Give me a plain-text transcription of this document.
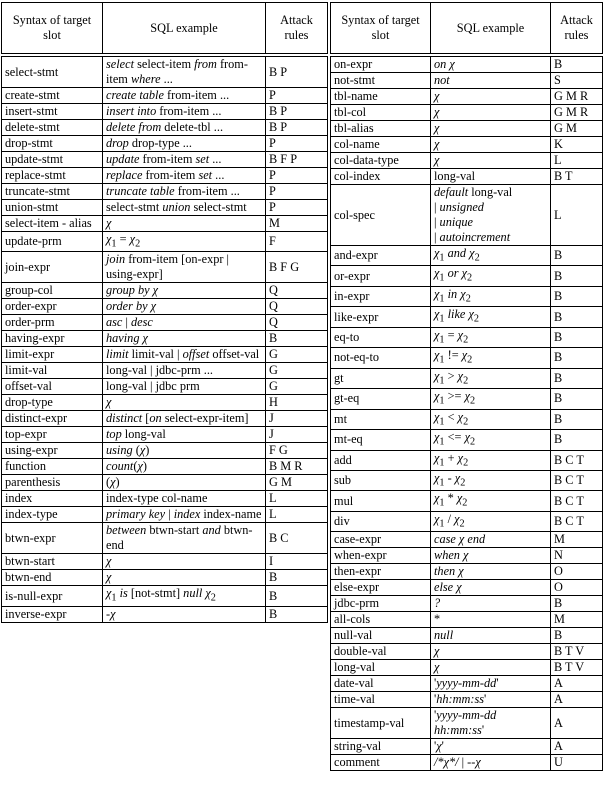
Syntax of target slot	SQL example	Attack rules

select-stmt	select select-item from from-item where ...	B P
create-stmt	create table from-item ...	P
insert-stmt	insert into from-item ...	B P
delete-stmt	delete from delete-tbl ...	B P
drop-stmt	drop drop-type ...	P
update-stmt	update from-item set ...	B F P
replace-stmt	replace from-item set ...	P
truncate-stmt	truncate table from-item ...	P
union-stmt	select-stmt union select-stmt	P
select-item - alias	χ	M
update-prm	$\chi_1 = \chi_2$	F
join-expr	join from-item [on-expr | using-expr]	B F G
group-col	group by χ	Q
order-expr	order by χ	Q
order-prm	asc | desc	Q
having-expr	having χ	B
limit-expr	limit limit-val | offset offset-val	G
limit-val	long-val | jdbc-prm ...	G
offset-val	long-val | jdbc prm	G
drop-type	χ	H
distinct-expr	distinct [on select-expr-item]	J
top-expr	top long-val	J
using-expr	using (χ)	F G
function	count(χ)	B M R
parenthesis	(χ)	G M
index	index-type col-name	L
index-type	primary key | index index-name	L
btwn-expr	between btwn-start and btwn-end	B C
btwn-start	χ	I
btwn-end	χ	B
is-null-expr	$\chi_1$ is [not-stmt] null $\chi_2$	B
inverse-expr	-χ	B
Syntax of target slot	SQL example	Attack rules

on-expr	on χ	B
not-stmt	not	S
tbl-name	χ	G M R
tbl-col	χ	G M R
tbl-alias	χ	G M
col-name	χ	K
col-data-type	χ	L
col-index	long-val	B T
col-spec	default long-val
| unsigned
| unique
| autoincrement	L
and-expr	$\chi_1$ and $\chi_2$	B
or-expr	$\chi_1$ or $\chi_2$	B
in-expr	$\chi_1$ in $\chi_2$	B
like-expr	$\chi_1$ like $\chi_2$	B
eq-to	$\chi_1 = \chi_2$	B
not-eq-to	$\chi_1$ != $\chi_2$	B
gt	$\chi_1 > \chi_2$	B
gt-eq	$\chi_1 >= \chi_2$	B
mt	$\chi_1 < \chi_2$	B
mt-eq	$\chi_1 <= \chi_2$	B
add	$\chi_1 + \chi_2$	B C T
sub	$\chi_1 - \chi_2$	B C T
mul	$\chi_1 * \chi_2$	B C T
div	$\chi_1 / \chi_2$	B C T
case-expr	case χ end	M
when-expr	when χ	N
then-expr	then χ	O
else-expr	else χ	O
jdbc-prm	?	B
all-cols	*	M
null-val	null	B
double-val	χ	B T V
long-val	χ	B T V
date-val	'yyyy-mm-dd'	A
time-val	'hh:mm:ss'	A
timestamp-val	'yyyy-mm-dd hh:mm:ss'	A
string-val	'χ'	A
comment	/*χ*/ | --χ	U
